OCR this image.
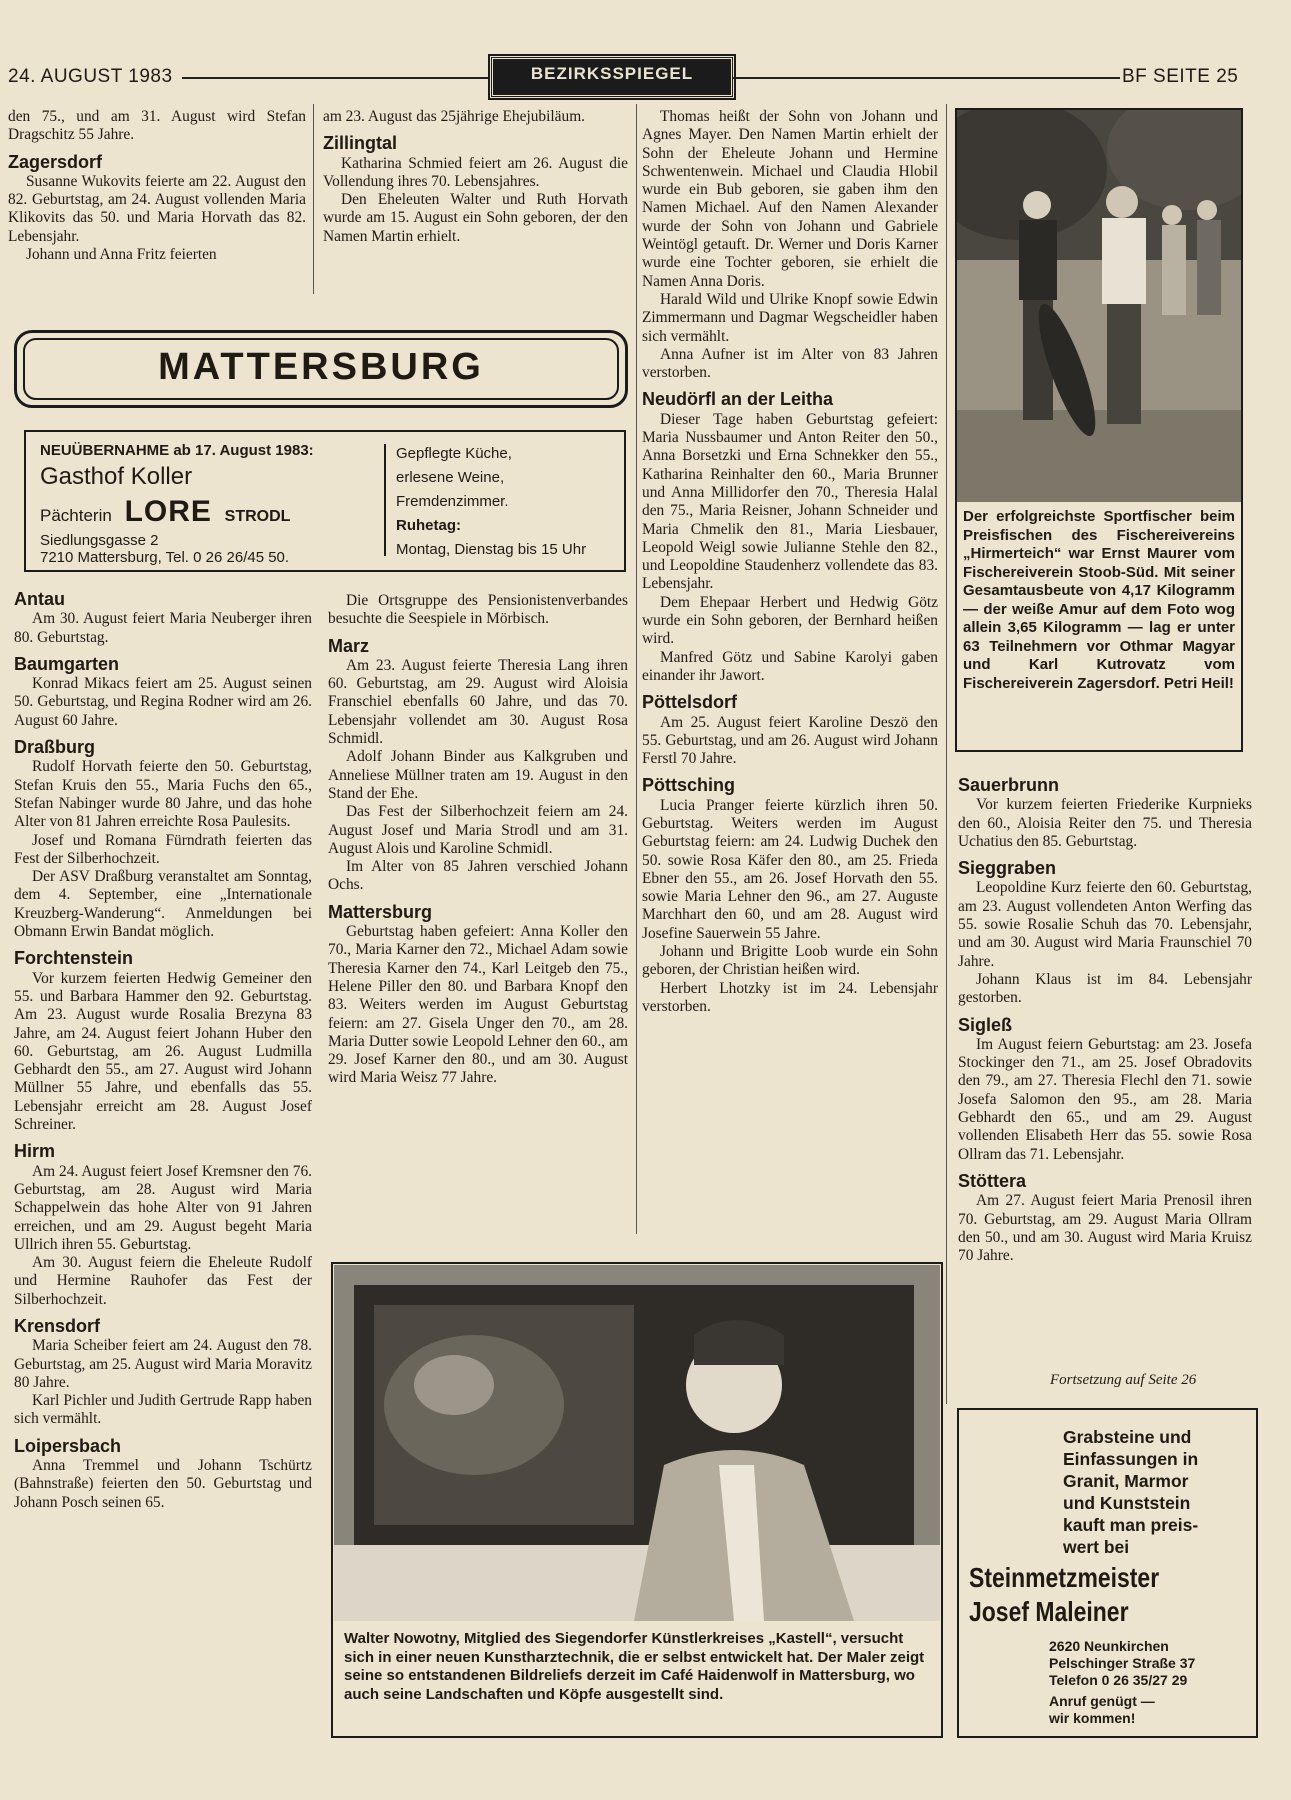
24. AUGUST 1983	BEZIRKSSPIEGEL	BF SEITE 25

den 75., und am 31. August wird Stefan Dragschitz 55 Jahre.

Zagersdorf

Susanne Wukovits feierte am 22. August den 82. Geburtstag, am 24. August vollenden Maria Klikovits das 50. und Maria Horvath das 82. Lebensjahr.

Johann und Anna Fritz feierten

am 23. August das 25jährige Ehejubiläum.

Zillingtal

Katharina Schmied feiert am 26. August die Vollendung ihres 70. Lebensjahres.

Den Eheleuten Walter und Ruth Horvath wurde am 15. August ein Sohn geboren, der den Namen Martin erhielt.

MATTERSBURG
NEUÜBERNAHME ab 17. August 1983:
Gasthof Koller
Pächterin LORE STRODL
Siedlungsgasse 2
7210 Mattersburg, Tel. 0 26 26/45 50.
Gepflegte Küche,
erlesene Weine,
Fremdenzimmer.
Ruhetag:
Montag, Dienstag bis 15 Uhr
Antau

Am 30. August feiert Maria Neuberger ihren 80. Geburtstag.

Baumgarten

Konrad Mikacs feiert am 25. August seinen 50. Geburtstag, und Regina Rodner wird am 26. August 60 Jahre.

Draßburg

Rudolf Horvath feierte den 50. Geburtstag, Stefan Kruis den 55., Maria Fuchs den 65., Stefan Nabinger wurde 80 Jahre, und das hohe Alter von 81 Jahren erreichte Rosa Paulesits.

Josef und Romana Fürndrath feierten das Fest der Silberhochzeit.

Der ASV Draßburg veranstaltet am Sonntag, dem 4. September, eine „Internationale Kreuzberg-Wanderung“. Anmeldungen bei Obmann Erwin Bandat möglich.

Forchtenstein

Vor kurzem feierten Hedwig Gemeiner den 55. und Barbara Hammer den 92. Geburtstag. Am 23. August wurde Rosalia Brezyna 83 Jahre, am 24. August feiert Johann Huber den 60. Geburtstag, am 26. August Ludmilla Gebhardt den 55., am 27. August wird Johann Müllner 55 Jahre, und ebenfalls das 55. Lebensjahr erreicht am 28. August Josef Schreiner.

Hirm

Am 24. August feiert Josef Kremsner den 76. Geburtstag, am 28. August wird Maria Schappelwein das hohe Alter von 91 Jahren erreichen, und am 29. August begeht Maria Ullrich ihren 55. Geburtstag.

Am 30. August feiern die Eheleute Rudolf und Hermine Rauhofer das Fest der Silberhochzeit.

Krensdorf

Maria Scheiber feiert am 24. August den 78. Geburtstag, am 25. August wird Maria Moravitz 80 Jahre.

Karl Pichler und Judith Gertrude Rapp haben sich vermählt.

Loipersbach

Anna Tremmel und Johann Tschürtz (Bahnstraße) feierten den 50. Geburtstag und Johann Posch seinen 65.

Die Ortsgruppe des Pensionistenverbandes besuchte die Seespiele in Mörbisch.

Marz

Am 23. August feierte Theresia Lang ihren 60. Geburtstag, am 29. August wird Aloisia Franschiel ebenfalls 60 Jahre, und das 70. Lebensjahr vollendet am 30. August Rosa Schmidl.

Adolf Johann Binder aus Kalkgruben und Anneliese Müllner traten am 19. August in den Stand der Ehe.

Das Fest der Silberhochzeit feiern am 24. August Josef und Maria Strodl und am 31. August Alois und Karoline Schmidl.

Im Alter von 85 Jahren verschied Johann Ochs.

Mattersburg

Geburtstag haben gefeiert: Anna Koller den 70., Maria Karner den 72., Michael Adam sowie Theresia Karner den 74., Karl Leitgeb den 75., Helene Piller den 80. und Barbara Knopf den 83. Weiters werden im August Geburtstag feiern: am 27. Gisela Unger den 70., am 28. Maria Dutter sowie Leopold Lehner den 60., am 29. Josef Karner den 80., und am 30. August wird Maria Weisz 77 Jahre.

Thomas heißt der Sohn von Johann und Agnes Mayer. Den Namen Martin erhielt der Sohn der Eheleute Johann und Hermine Schwentenwein. Michael und Claudia Hlobil wurde ein Bub geboren, sie gaben ihm den Namen Michael. Auf den Namen Alexander wurde der Sohn von Johann und Gabriele Weintögl getauft. Dr. Werner und Doris Karner wurde eine Tochter geboren, sie erhielt die Namen Anna Doris.

Harald Wild und Ulrike Knopf sowie Edwin Zimmermann und Dagmar Wegscheidler haben sich vermählt.

Anna Aufner ist im Alter von 83 Jahren verstorben.

Neudörfl an der Leitha

Dieser Tage haben Geburtstag gefeiert: Maria Nussbaumer und Anton Reiter den 50., Anna Borsetzki und Erna Schnekker den 55., Katharina Reinhalter den 60., Maria Brunner und Anna Millidorfer den 70., Theresia Halal den 75., Maria Reisner, Johann Schneider und Maria Chmelik den 81., Maria Liesbauer, Leopold Weigl sowie Julianne Stehle den 82., und Leopoldine Staudenherz vollendete das 83. Lebensjahr.

Dem Ehepaar Herbert und Hedwig Götz wurde ein Sohn geboren, der Bernhard heißen wird.

Manfred Götz und Sabine Karolyi gaben einander ihr Jawort.

Pöttelsdorf

Am 25. August feiert Karoline Deszö den 55. Geburtstag, und am 26. August wird Johann Ferstl 70 Jahre.

Pöttsching

Lucia Pranger feierte kürzlich ihren 50. Geburtstag. Weiters werden im August Geburtstag feiern: am 24. Ludwig Duchek den 50. sowie Rosa Käfer den 80., am 25. Frieda Ebner den 55., am 26. Josef Horvath den 55. sowie Maria Lehner den 96., am 27. Auguste Marchhart den 60, und am 28. August wird Josefine Sauerwein 55 Jahre.

Johann und Brigitte Loob wurde ein Sohn geboren, der Christian heißen wird.

Herbert Lhotzky ist im 24. Lebensjahr verstorben.

Der erfolgreichste Sportfischer beim Preisfischen des Fischereivereins „Hirmerteich“ war Ernst Maurer vom Fischereiverein Stoob-Süd. Mit seiner Gesamtausbeute von 4,17 Kilogramm — der weiße Amur auf dem Foto wog allein 3,65 Kilogramm — lag er unter 63 Teilnehmern vor Othmar Magyar und Karl Kutrovatz vom Fischereiverein Zagersdorf. Petri Heil!
Sauerbrunn

Vor kurzem feierten Friederike Kurpnieks den 60., Aloisia Reiter den 75. und Theresia Uchatius den 85. Geburtstag.

Sieggraben

Leopoldine Kurz feierte den 60. Geburtstag, am 23. August vollendeten Anton Werfing das 55. sowie Rosalie Schuh das 70. Lebensjahr, und am 30. August wird Maria Fraunschiel 70 Jahre.

Johann Klaus ist im 84. Lebensjahr gestorben.

Sigleß

Im August feiern Geburtstag: am 23. Josefa Stockinger den 71., am 25. Josef Obradovits den 79., am 27. Theresia Flechl den 71. sowie Josefa Salomon den 95., am 28. Maria Gebhardt den 65., und am 29. August vollenden Elisabeth Herr das 55. sowie Rosa Ollram das 71. Lebensjahr.

Stöttera

Am 27. August feiert Maria Prenosil ihren 70. Geburtstag, am 29. August Maria Ollram den 50., und am 30. August wird Maria Kruisz 70 Jahre.

Fortsetzung auf Seite 26
Walter Nowotny, Mitglied des Siegendorfer Künstlerkreises „Kastell“, versucht sich in einer neuen Kunstharztechnik, die er selbst entwickelt hat. Der Maler zeigt seine so entstandenen Bildreliefs derzeit im Café Haidenwolf in Mattersburg, wo auch seine Landschaften und Köpfe ausgestellt sind.
Grabsteine und
Einfassungen in
Granit, Marmor
und Kunststein
kauft man preis-
wert bei
Steinmetzmeister
Josef Maleiner
2620 Neunkirchen
Pelschinger Straße 37
Telefon 0 26 35/27 29
Anruf genügt —
wir kommen!
